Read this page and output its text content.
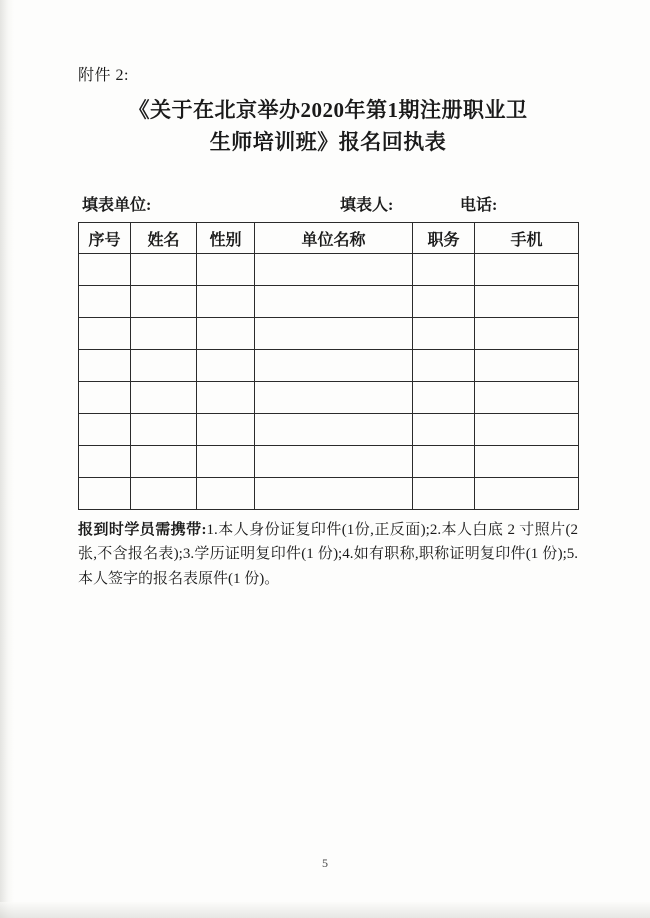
附件 2:
《关于在北京举办2020年第1期注册职业卫
生师培训班》报名回执表
填表单位:	填表人:	电话:
序号	姓名	性别	单位名称	职务	手机

报到时学员需携带:1.本人身份证复印件(1份,正反面);2.本人白底 2 寸照片(2 张,不含报名表);3.学历证明复印件(1 份);4.如有职称,职称证明复印件(1 份);5.本人签字的报名表原件(1 份)。
5
